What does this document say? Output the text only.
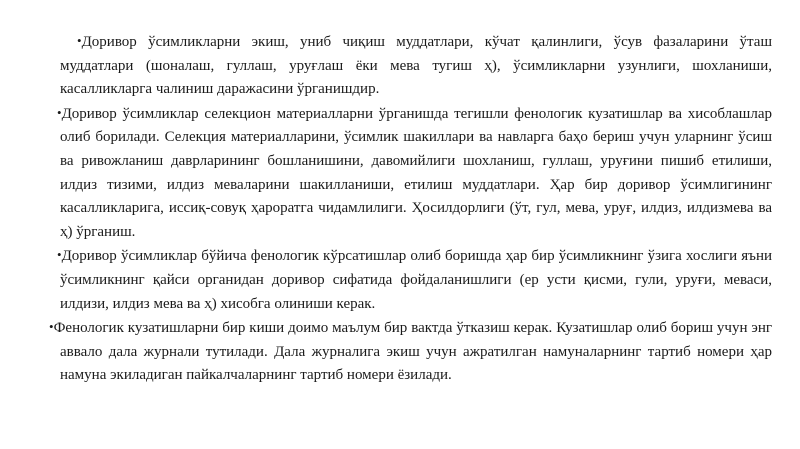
•Доривор ўсимликларни экиш, униб чиқиш муддатлари, кўчат қалинлиги, ўсув фазаларини ўташ муддатлари (шоналаш, гуллаш, уруғлаш ёки мева тугиш ҳ), ўсимликларни узунлиги, шохланиши, касалликларга чалиниш даражасини ўрганишдир.

•Доривор ўсимликлар селекцион материалларни ўрганишда тегишли фенологик кузатишлар ва хисоблашлар олиб борилади. Селекция материалларини, ўсимлик шакиллари ва навларга баҳо бериш учун уларнинг ўсиш ва ривожланиш даврларининг бошланишини, давомийлиги шохланиш, гуллаш, уруғини пишиб етилиши, илдиз тизими, илдиз меваларини шакилланиши, етилиш муддатлари. Ҳар бир доривор ўсимлигининг касалликларига, иссиқ-совуқ ҳароратга чидамлилиги. Ҳосилдорлиги (ўт, гул, мева, уруғ, илдиз, илдизмева ва ҳ) ўрганиш.

•Доривор ўсимликлар бўйича фенологик кўрсатишлар олиб боришда ҳар бир ўсимликнинг ўзига хослиги яъни ўсимликнинг қайси органидан доривор сифатида фойдаланишлиги (ер усти қисми, гули, уруғи, меваси, илдизи, илдиз мева ва ҳ) хисобга олиниши керак.

•Фенологик кузатишларни бир киши доимо маълум бир вактда ўтказиш керак. Кузатишлар олиб бориш учун энг аввало дала журнали тутилади. Дала журналига экиш учун ажратилган намуналарнинг тартиб номери ҳар намуна экиладиган пайкалчаларнинг тартиб номери ёзилади.
